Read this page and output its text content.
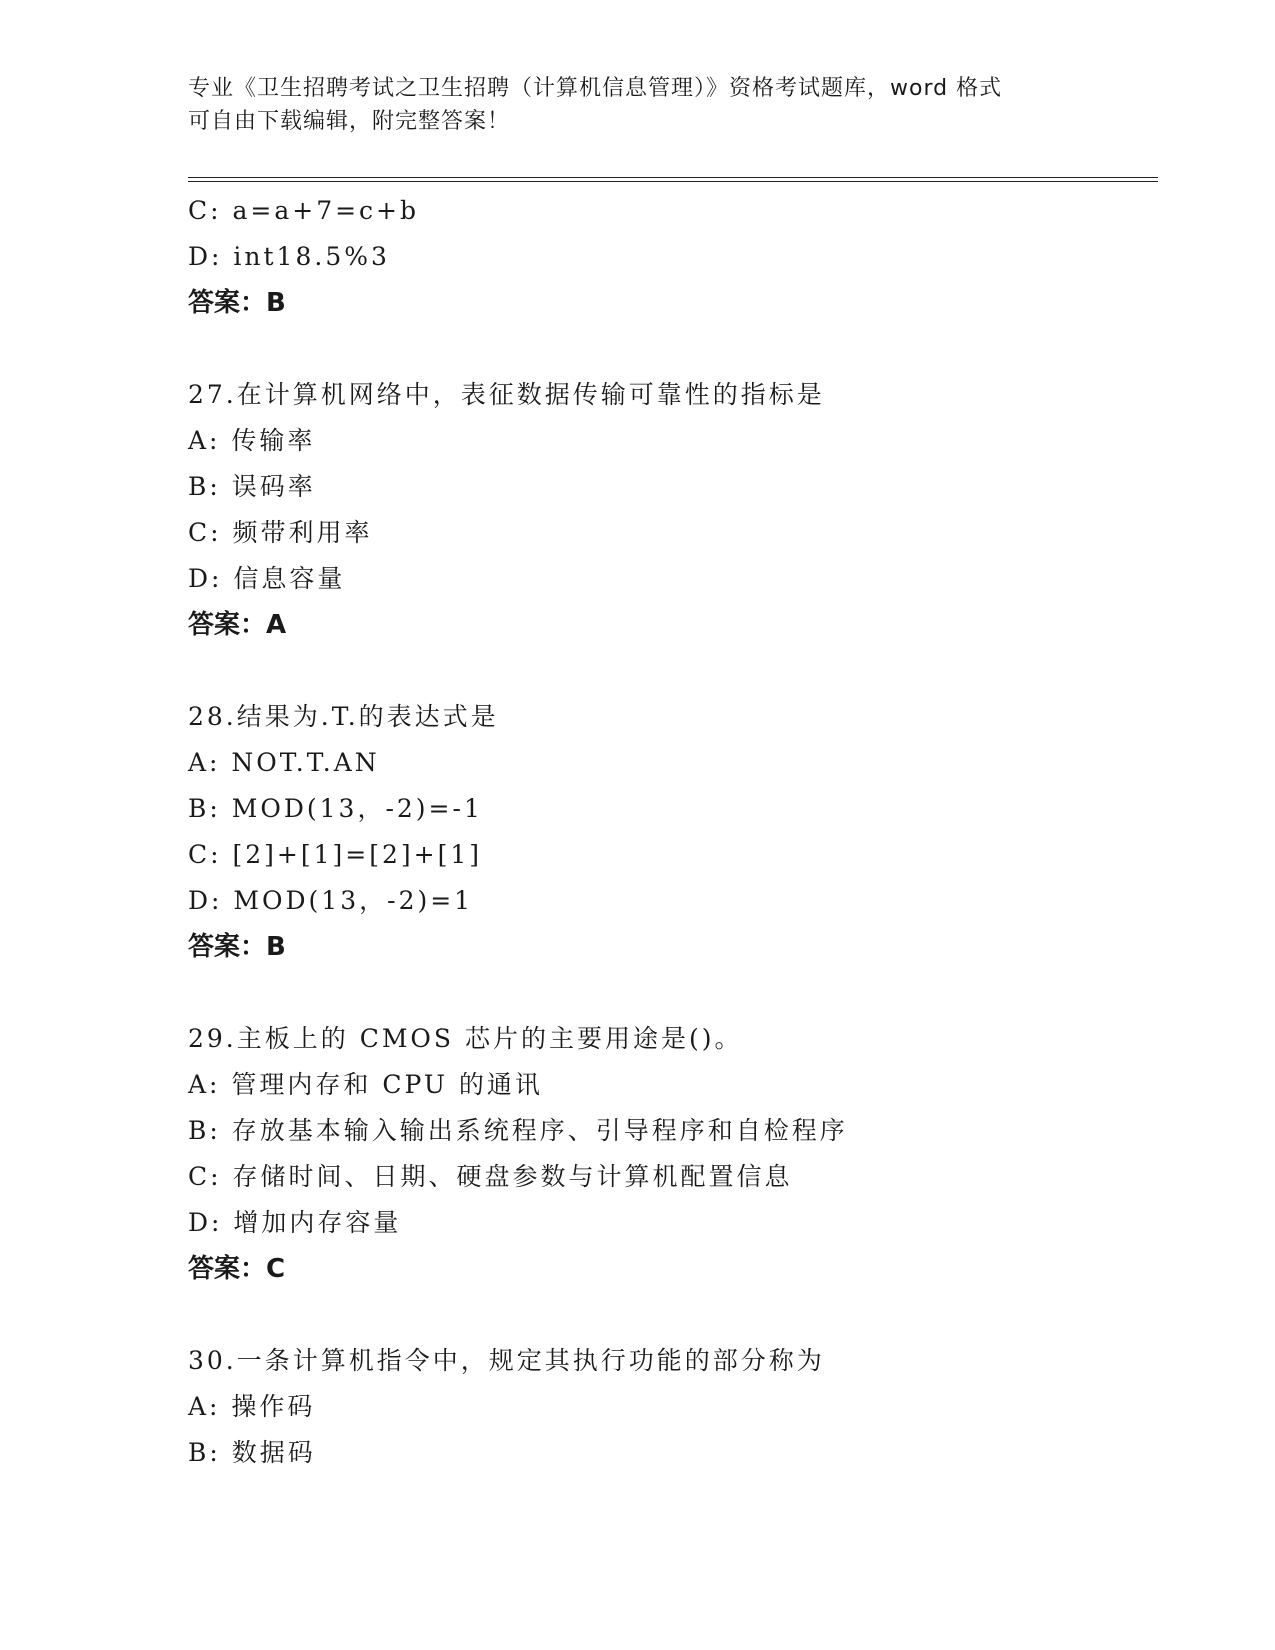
专业《卫生招聘考试之卫生招聘（计算机信息管理）》资格考试题库，word 格式
可自由下载编辑，附完整答案！
C: a=a+7=c+b
D: int18.5%3
答案：B
27.在计算机网络中，表征数据传输可靠性的指标是
A: 传输率
B: 误码率
C: 频带利用率
D: 信息容量
答案：A
28.结果为.T.的表达式是
A: NOT.T.AN
B: MOD(13，-2)=-1
C: [2]+[1]=[2]+[1]
D: MOD(13，-2)=1
答案：B
29.主板上的 CMOS 芯片的主要用途是()。
A: 管理内存和 CPU 的通讯
B: 存放基本输入输出系统程序、引导程序和自检程序
C: 存储时间、日期、硬盘参数与计算机配置信息
D: 增加内存容量
答案：C
30.一条计算机指令中，规定其执行功能的部分称为
A: 操作码
B: 数据码
